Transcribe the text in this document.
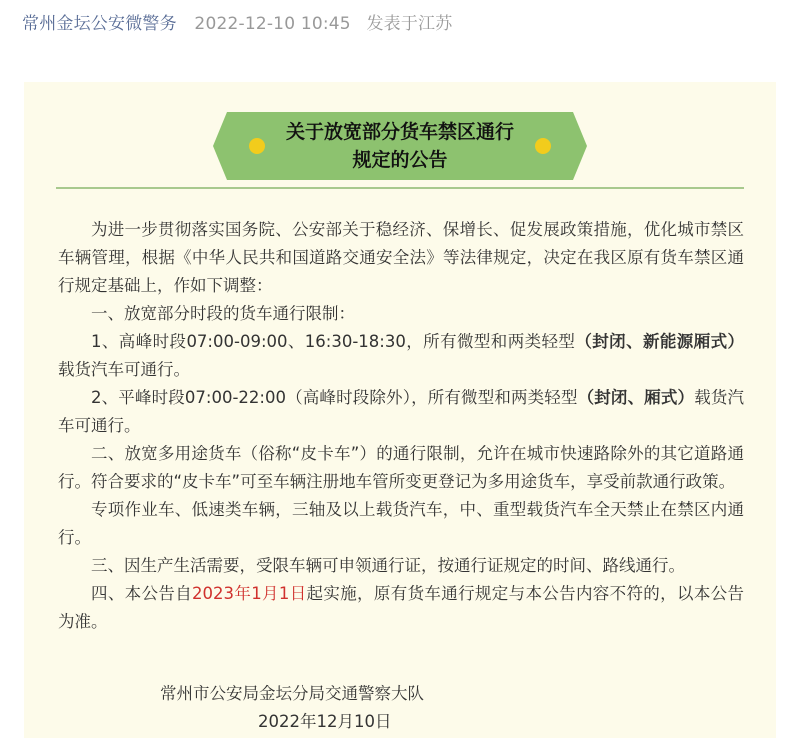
常州金坛公安微警务 2022-12-10 10:45 发表于江苏
关于放宽部分货车禁区通行
规定的公告

为进一步贯彻落实国务院、公安部关于稳经济、保增长、促发展政策措施，优化城市禁区车辆管理，根据《中华人民共和国道路交通安全法》等法律规定，决定在我区原有货车禁区通行规定基础上，作如下调整：

一、放宽部分时段的货车通行限制：

1、高峰时段07:00-09:00、16:30-18:30，所有微型和两类轻型（封闭、新能源厢式）载货汽车可通行。

2、平峰时段07:00-22:00（高峰时段除外），所有微型和两类轻型（封闭、厢式）载货汽车可通行。

二、放宽多用途货车（俗称“皮卡车”）的通行限制，允许在城市快速路除外的其它道路通行。符合要求的“皮卡车”可至车辆注册地车管所变更登记为多用途货车，享受前款通行政策。

专项作业车、低速类车辆，三轴及以上载货汽车，中、重型载货汽车全天禁止在禁区内通行。

三、因生产生活需要，受限车辆可申领通行证，按通行证规定的时间、路线通行。

四、本公告自2023年1月1日起实施，原有货车通行规定与本公告内容不符的，以本公告为准。

常州市公安局金坛分局交通警察大队
2022年12月10日
